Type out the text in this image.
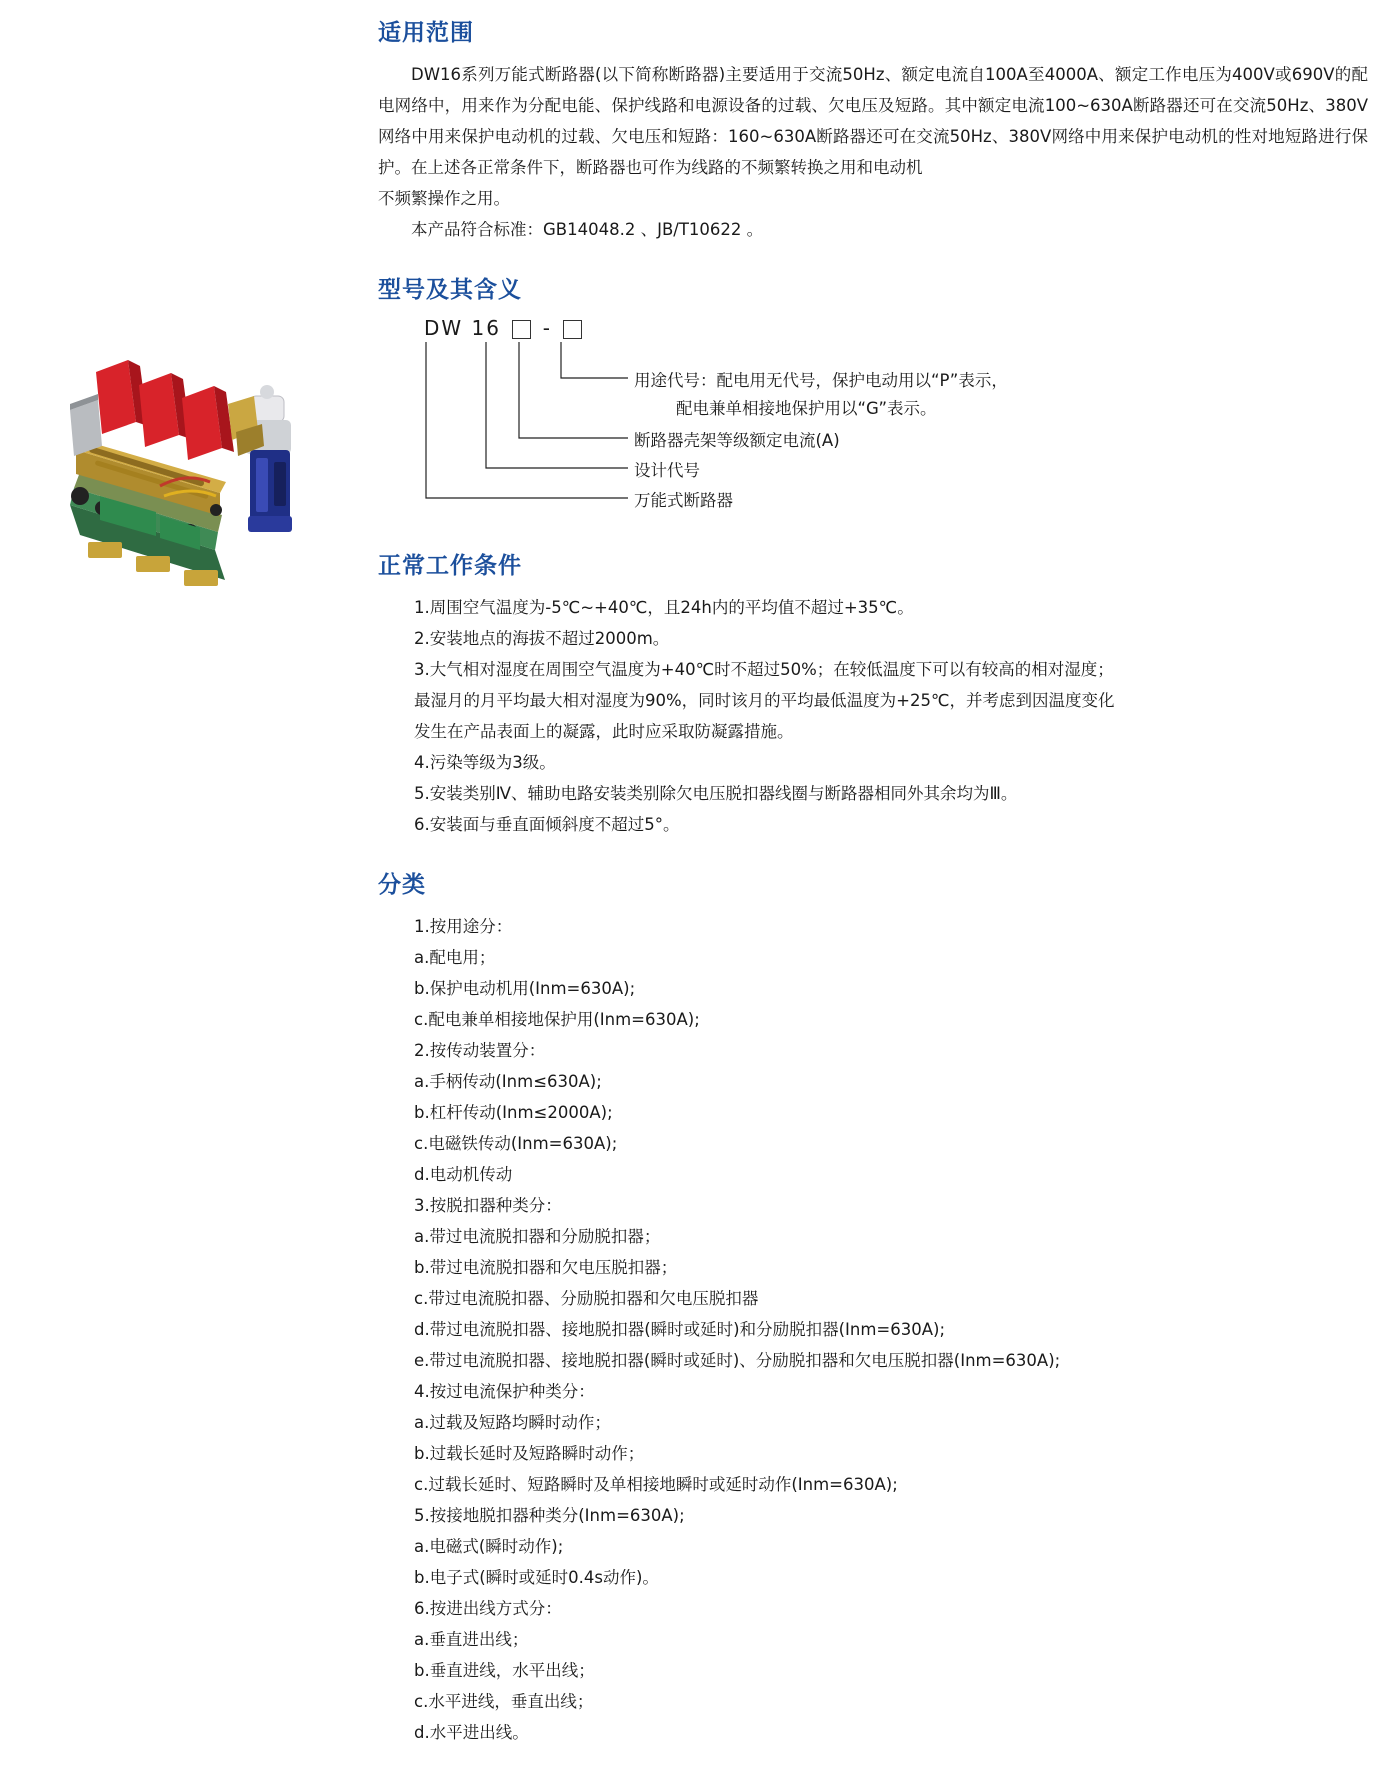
适用范围

DW16系列万能式断路器(以下简称断路器)主要适用于交流50Hz、额定电流自100A至4000A、额定工作电压为400V或690V的配电网络中，用来作为分配电能、保护线路和电源设备的过载、欠电压及短路。其中额定电流100~630A断路器还可在交流50Hz、380V网络中用来保护电动机的过载、欠电压和短路：160~630A断路器还可在交流50Hz、380V网络中用来保护电动机的性对地短路进行保护。在上述各正常条件下，断路器也可作为线路的不频繁转换之用和电动机

不频繁操作之用。

本产品符合标准：GB14048.2 、JB/T10622 。

型号及其含义
DW 16 -
用途代号：配电用无代号，保护电动用以“P”表示，
配电兼单相接地保护用以“G”表示。
断路器壳架等级额定电流(A)
设计代号
万能式断路器
正常工作条件

1.周围空气温度为-5℃~+40℃，且24h内的平均值不超过+35℃。

2.安装地点的海拔不超过2000m。

3.大气相对湿度在周围空气温度为+40℃时不超过50%；在较低温度下可以有较高的相对湿度；

最湿月的月平均最大相对湿度为90%，同时该月的平均最低温度为+25℃，并考虑到因温度变化

发生在产品表面上的凝露，此时应采取防凝露措施。

4.污染等级为3级。

5.安装类别Ⅳ、辅助电路安装类别除欠电压脱扣器线圈与断路器相同外其余均为Ⅲ。

6.安装面与垂直面倾斜度不超过5°。

分类

1.按用途分：

a.配电用；

b.保护电动机用(Inm=630A);

c.配电兼单相接地保护用(Inm=630A);

2.按传动装置分：

a.手柄传动(Inm≤630A);

b.杠杆传动(Inm≤2000A);

c.电磁铁传动(Inm=630A);

d.电动机传动

3.按脱扣器种类分：

a.带过电流脱扣器和分励脱扣器；

b.带过电流脱扣器和欠电压脱扣器；

c.带过电流脱扣器、分励脱扣器和欠电压脱扣器

d.带过电流脱扣器、接地脱扣器(瞬时或延时)和分励脱扣器(Inm=630A);

e.带过电流脱扣器、接地脱扣器(瞬时或延时)、分励脱扣器和欠电压脱扣器(Inm=630A);

4.按过电流保护种类分：

a.过载及短路均瞬时动作；

b.过载长延时及短路瞬时动作；

c.过载长延时、短路瞬时及单相接地瞬时或延时动作(Inm=630A);

5.按接地脱扣器种类分(Inm=630A);

a.电磁式(瞬时动作);

b.电子式(瞬时或延时0.4s动作)。

6.按进出线方式分：

a.垂直进出线；

b.垂直进线，水平出线；

c.水平进线，垂直出线；

d.水平进出线。
